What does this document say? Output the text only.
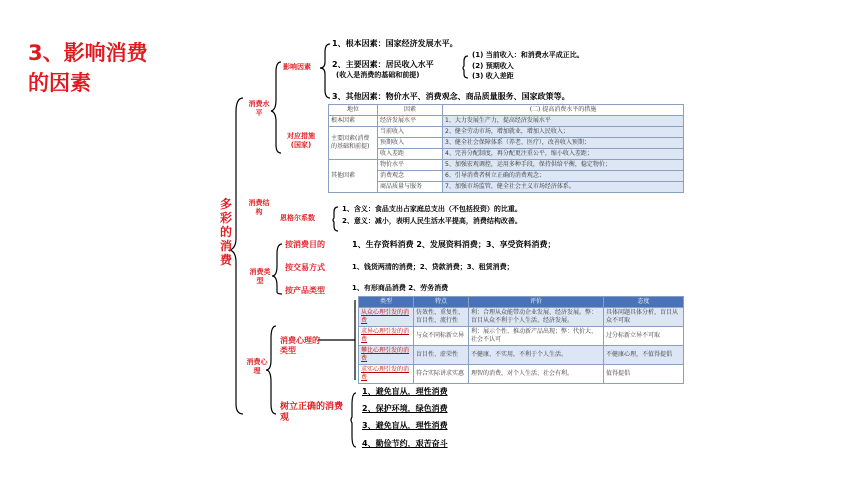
3、影响消费的因素
多彩的消费
消费水平
影响因素
1、根本因素：国家经济发展水平。
2、主要因素：居民收入水平
(收入是消费的基础和前提)
(1) 当前收入：和消费水平成正比。
(2) 预期收入
(3) 收入差距
3、其他因素：物价水平、消费观念、商品质量服务、国家政策等。
对应措施(国家)
地位	因素	(二) 提高消费水平的措施
根本因素	经济发展水平	1、大力发展生产力，提高经济发展水平
主要因素(消费的基础和前提)	当前收入	2、健全劳动市场，增加就业，增加人民收入；
	预期收入	3、健全社会保障体系（养老、医疗），改善收入预期；
	收入差距	4、完善分配制度，再分配更注重公平，缩小收入差距；
其他因素	物价水平	5、加强宏观调控，运用多种手段，保持供给平衡，稳定物价；
	消费观念	6、引导消费者树立正确的消费观念；
	商品质量与服务	7、加强市场监管，健全社会主义市场经济体系。
消费结构
恩格尔系数
1、含义：食品支出占家庭总支出（不包括投资）的比重。
2、意义：减小，表明人民生活水平提高，消费结构改善。
消费类型
按消费目的	1、生存资料消费 2、发展资料消费；3、享受资料消费；
按交易方式	1、钱货两清的消费；2、贷款消费；3、租赁消费；
按产品类型	1、有形商品消费 2、劳务消费
消费心理
消费心理的类型
类型	特点	评价	态度
从众心理引发的消费	仿效性、重复性、盲目性、流行性	利：合理从众能带动企业发展、经济发展。弊：盲目从众不利于个人生活、经济发展。	具体问题具体分析，盲目从众不可取
求异心理引发的消费	与众不同标新立异	利：展示个性、推动新产品出现；弊：代价大、社会不认可	过分标新立异不可取
攀比心理引发的消费	盲目性、虚荣性	不健康、不实用，不利于个人生活。	不健康心理，不值得提倡
求实心理引发的消费	符合实际讲求实惠	理智的消费，对个人生活、社会有利。	值得提倡
树立正确的消费观
1、避免盲从，理性消费
2、保护环境，绿色消费
3、避免盲从，理性消费
4、勤俭节约，艰苦奋斗
